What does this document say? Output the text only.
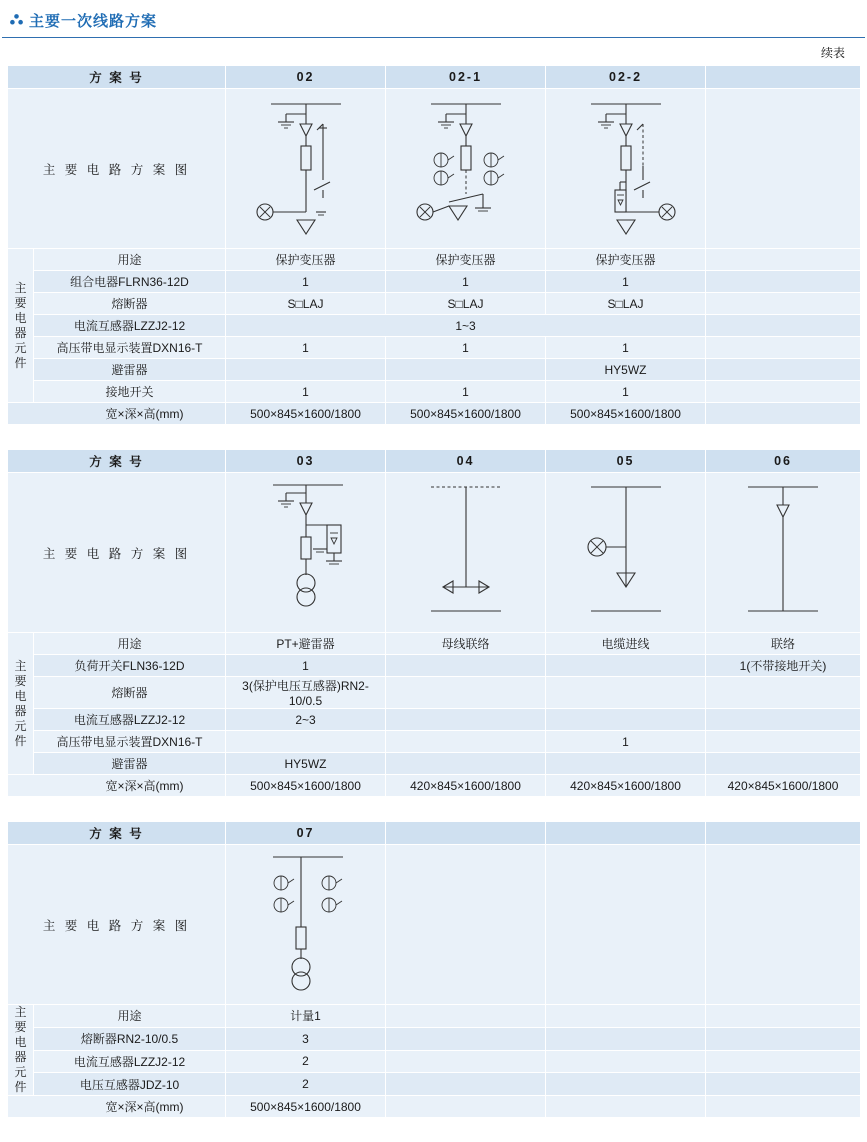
主要一次线路方案
续表
方 案 号		02	02-1	02-2	

主 要 电 路 方 案 图

主
要
电
器
元
件
	用途	保护变压器	保护变压器	保护变压器	
	组合电器FLRN36-12D	1	1	1	
	熔断器	S□LAJ	S□LAJ	S□LAJ	
	电流互感器LZZJ2-12	1~3			
	高压带电显示装置DXN16-T	1	1	1	
	避雷器			HY5WZ	
	接地开关	1	1	1	
宽×深×高(mm)		500×845×1600/1800	500×845×1600/1800	500×845×1600/1800	
方 案 号		03	04	05	06

主 要 电 路 方 案 图

主
要
电
器
元
件
	用途	PT+避雷器	母线联络	电缆进线	联络
	负荷开关FLN36-12D	1			1(不带接地开关)
	熔断器	3(保护电压互感器)RN2-10/0.5			
	电流互感器LZZJ2-12	2~3			
	高压带电显示装置DXN16-T			1	
	避雷器	HY5WZ			
宽×深×高(mm)		500×845×1600/1800	420×845×1600/1800	420×845×1600/1800	420×845×1600/1800
方 案 号		07			

主 要 电 路 方 案 图

主
要
电
器
元
件
	用途	计量1			
	熔断器RN2-10/0.5	3			
	电流互感器LZZJ2-12	2			
	电压互感器JDZ-10	2			
宽×深×高(mm)		500×845×1600/1800			
